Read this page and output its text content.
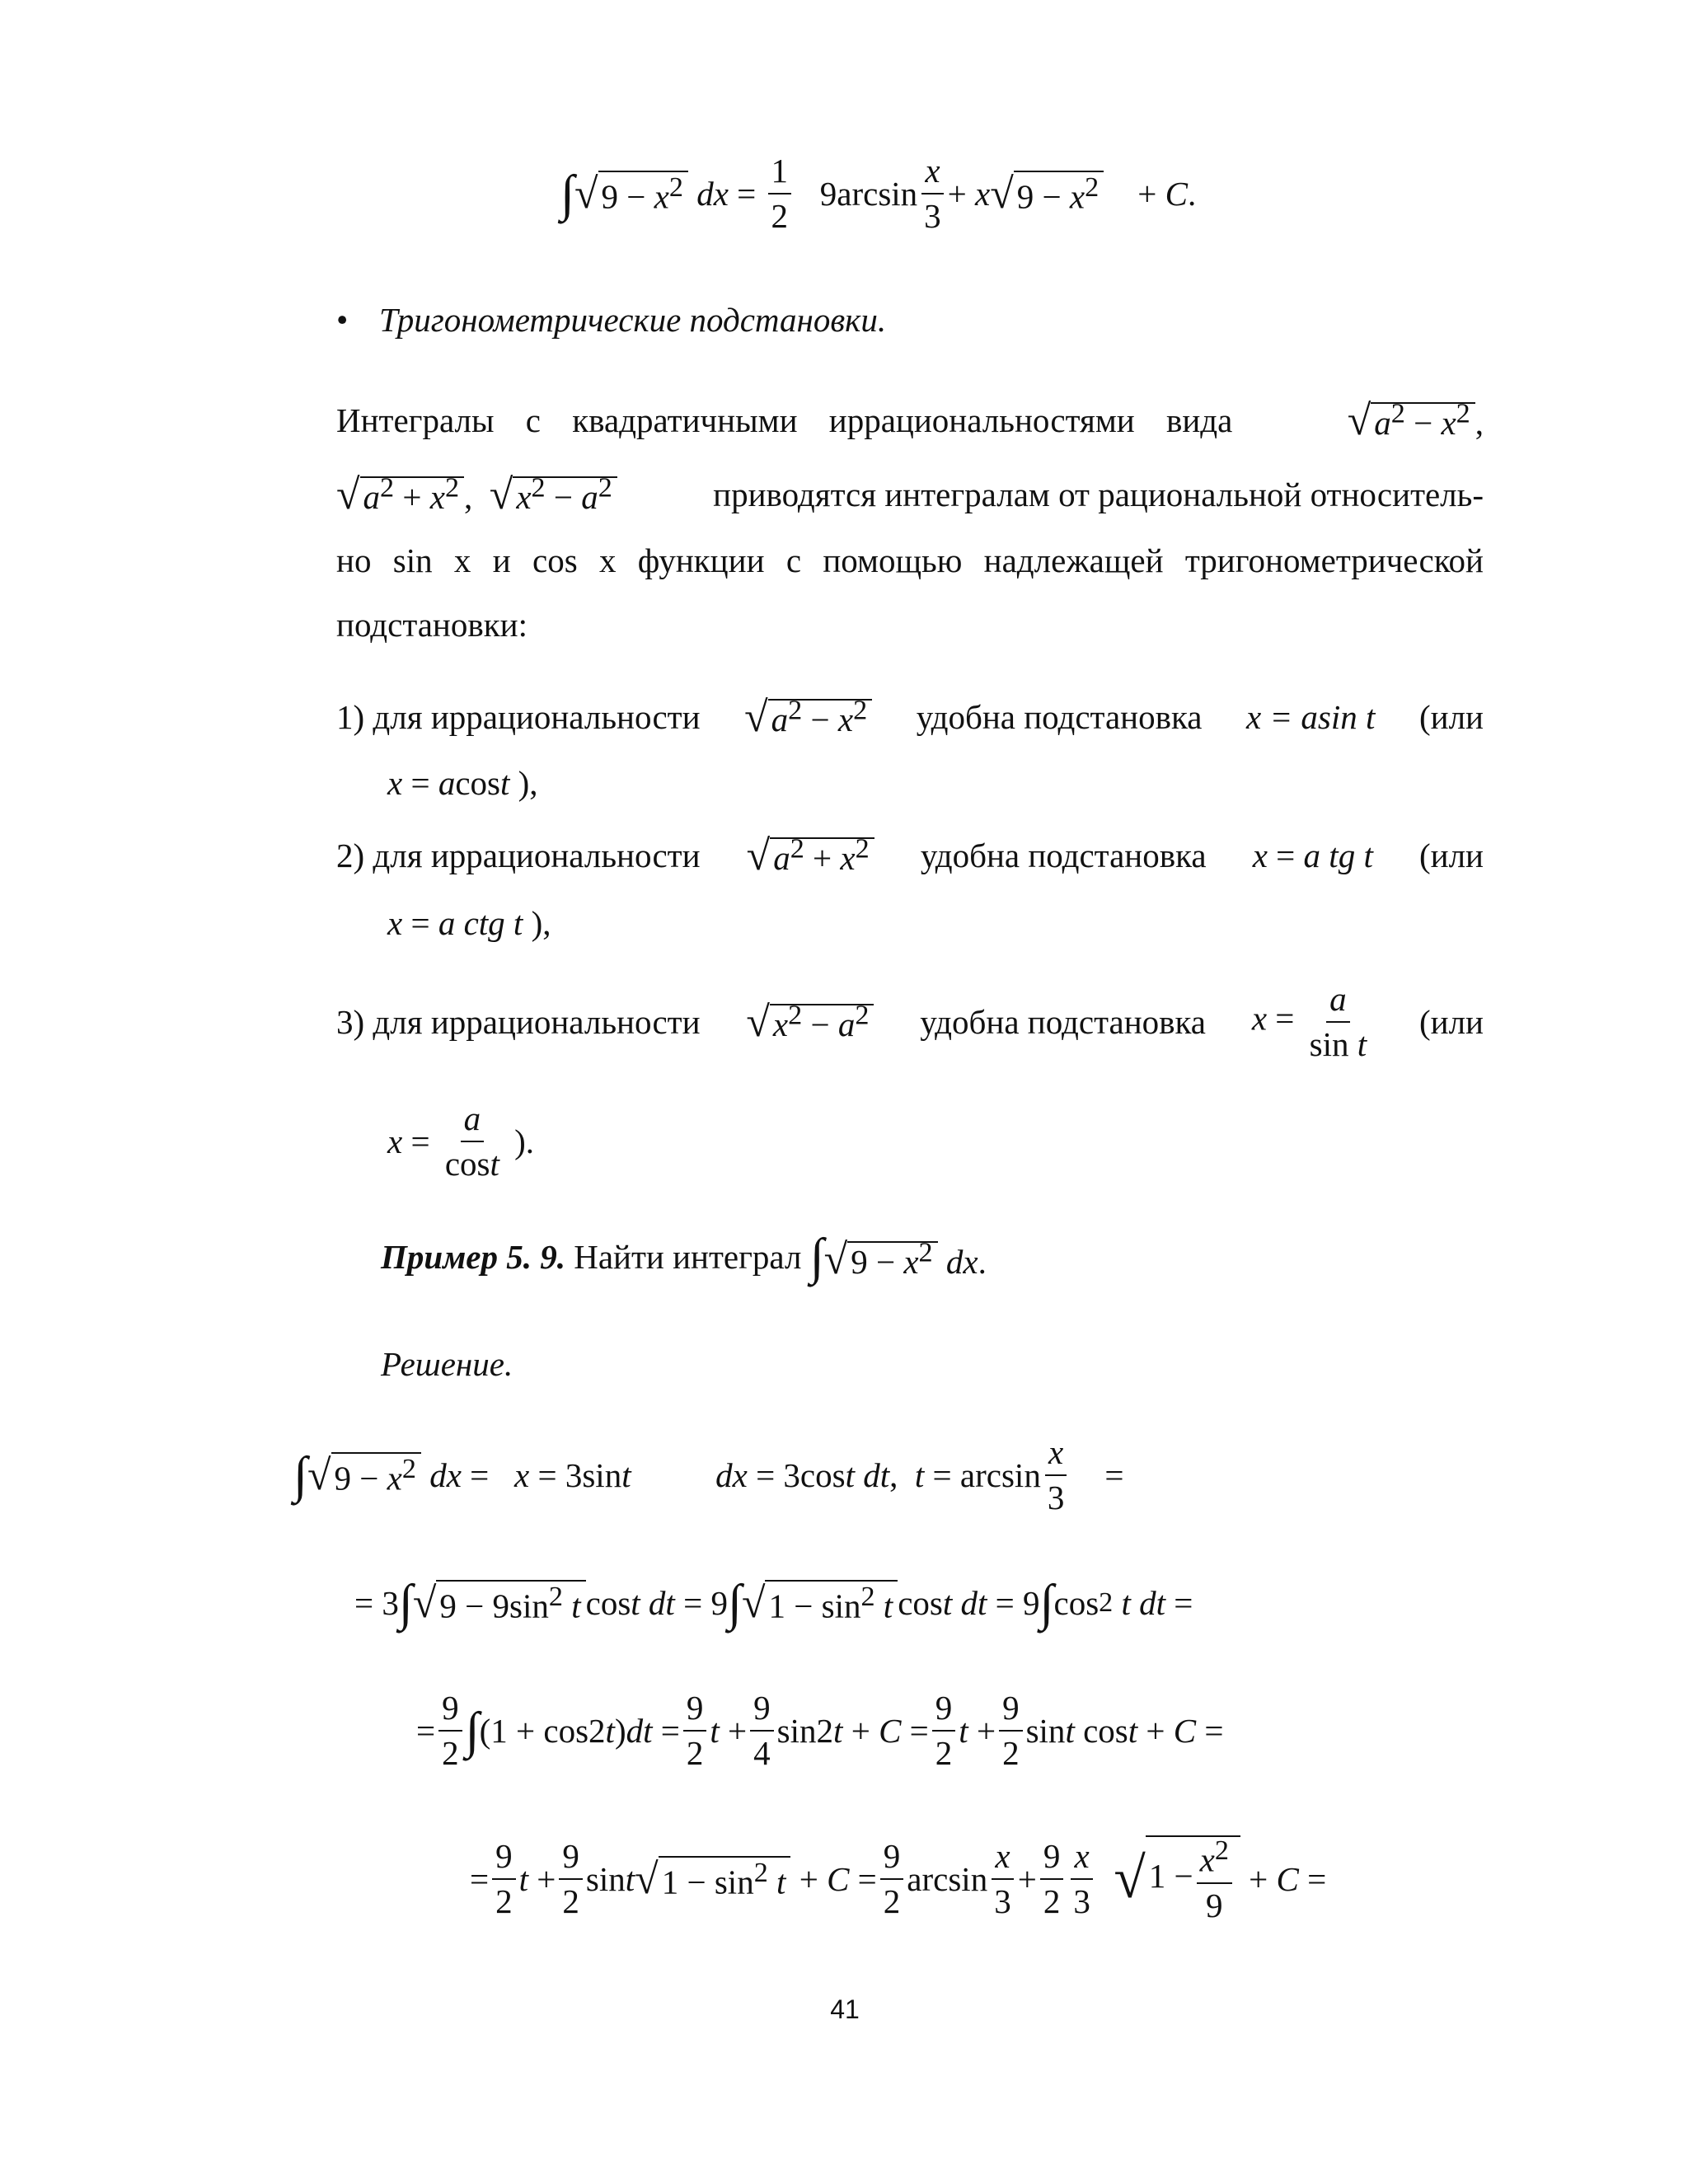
∫ √ $9 - x^2$
dx = $\frac{1}{2} 9\arcsin \frac{x}{3} + x$ √ $9 - x^2 + C$ .
• Тригонометрические подстановки.
Интегралы с квадратичными иррациональностями вида	$√a^2 - x^2$ ,
$√a^2 + x^2$ ,  $√x^2 - a^2$	приводятся интегралам от рациональной относитель-
но sin x и cos x функции с помощью надлежащей тригонометрической
подстановки:
1) для иррациональности $√a^2 - x^2$ удобна подстановка x = asin t (или
x = acost ),
2) для иррациональности $√a^2 + x^2$ удобна подстановка x = a tg t (или
x = a ctg t ),
3) для иррациональности $√x^2 - a^2$ удобна подстановка $x = \frac{a}{\text{sin t}} (или$
$x = \frac{a}{\cos t}$ ).
Пример 5. 9.
Найти интеграл
$\int√9 - x^2$ dx.
Решение.
∫ √ $9 - x^2$
dx = x = 3sin t
	dx = 3cos t dt , $t = \arcsin \frac{x}{3}$ =
= 3 ∫ √ $9 - 9\sin^2$ t cos t dt = 9 ∫ √ $1 - \sin^2 t$ cos t dt = 9 ∫ cos 2
t dt =
= $\frac{9}{2}$ ∫ (1 + cos2 t ) dt = $\frac{9}{2}$ $t + \frac{9}{4} \sin 2$ $t + C = \frac{9}{2}$ $t + \frac{9}{2}$ sin t cos t + C =
= $\frac{9}{2}$ $t + \frac{9}{2}$ sin t √ $1 - \sin^2 t + C = \frac{9}{2}$ $\arcsin \frac{x}{3} + \frac{9}{2} \frac{x}{3}$
√ $1 - \frac{x^2}{9} + C$ =
41
